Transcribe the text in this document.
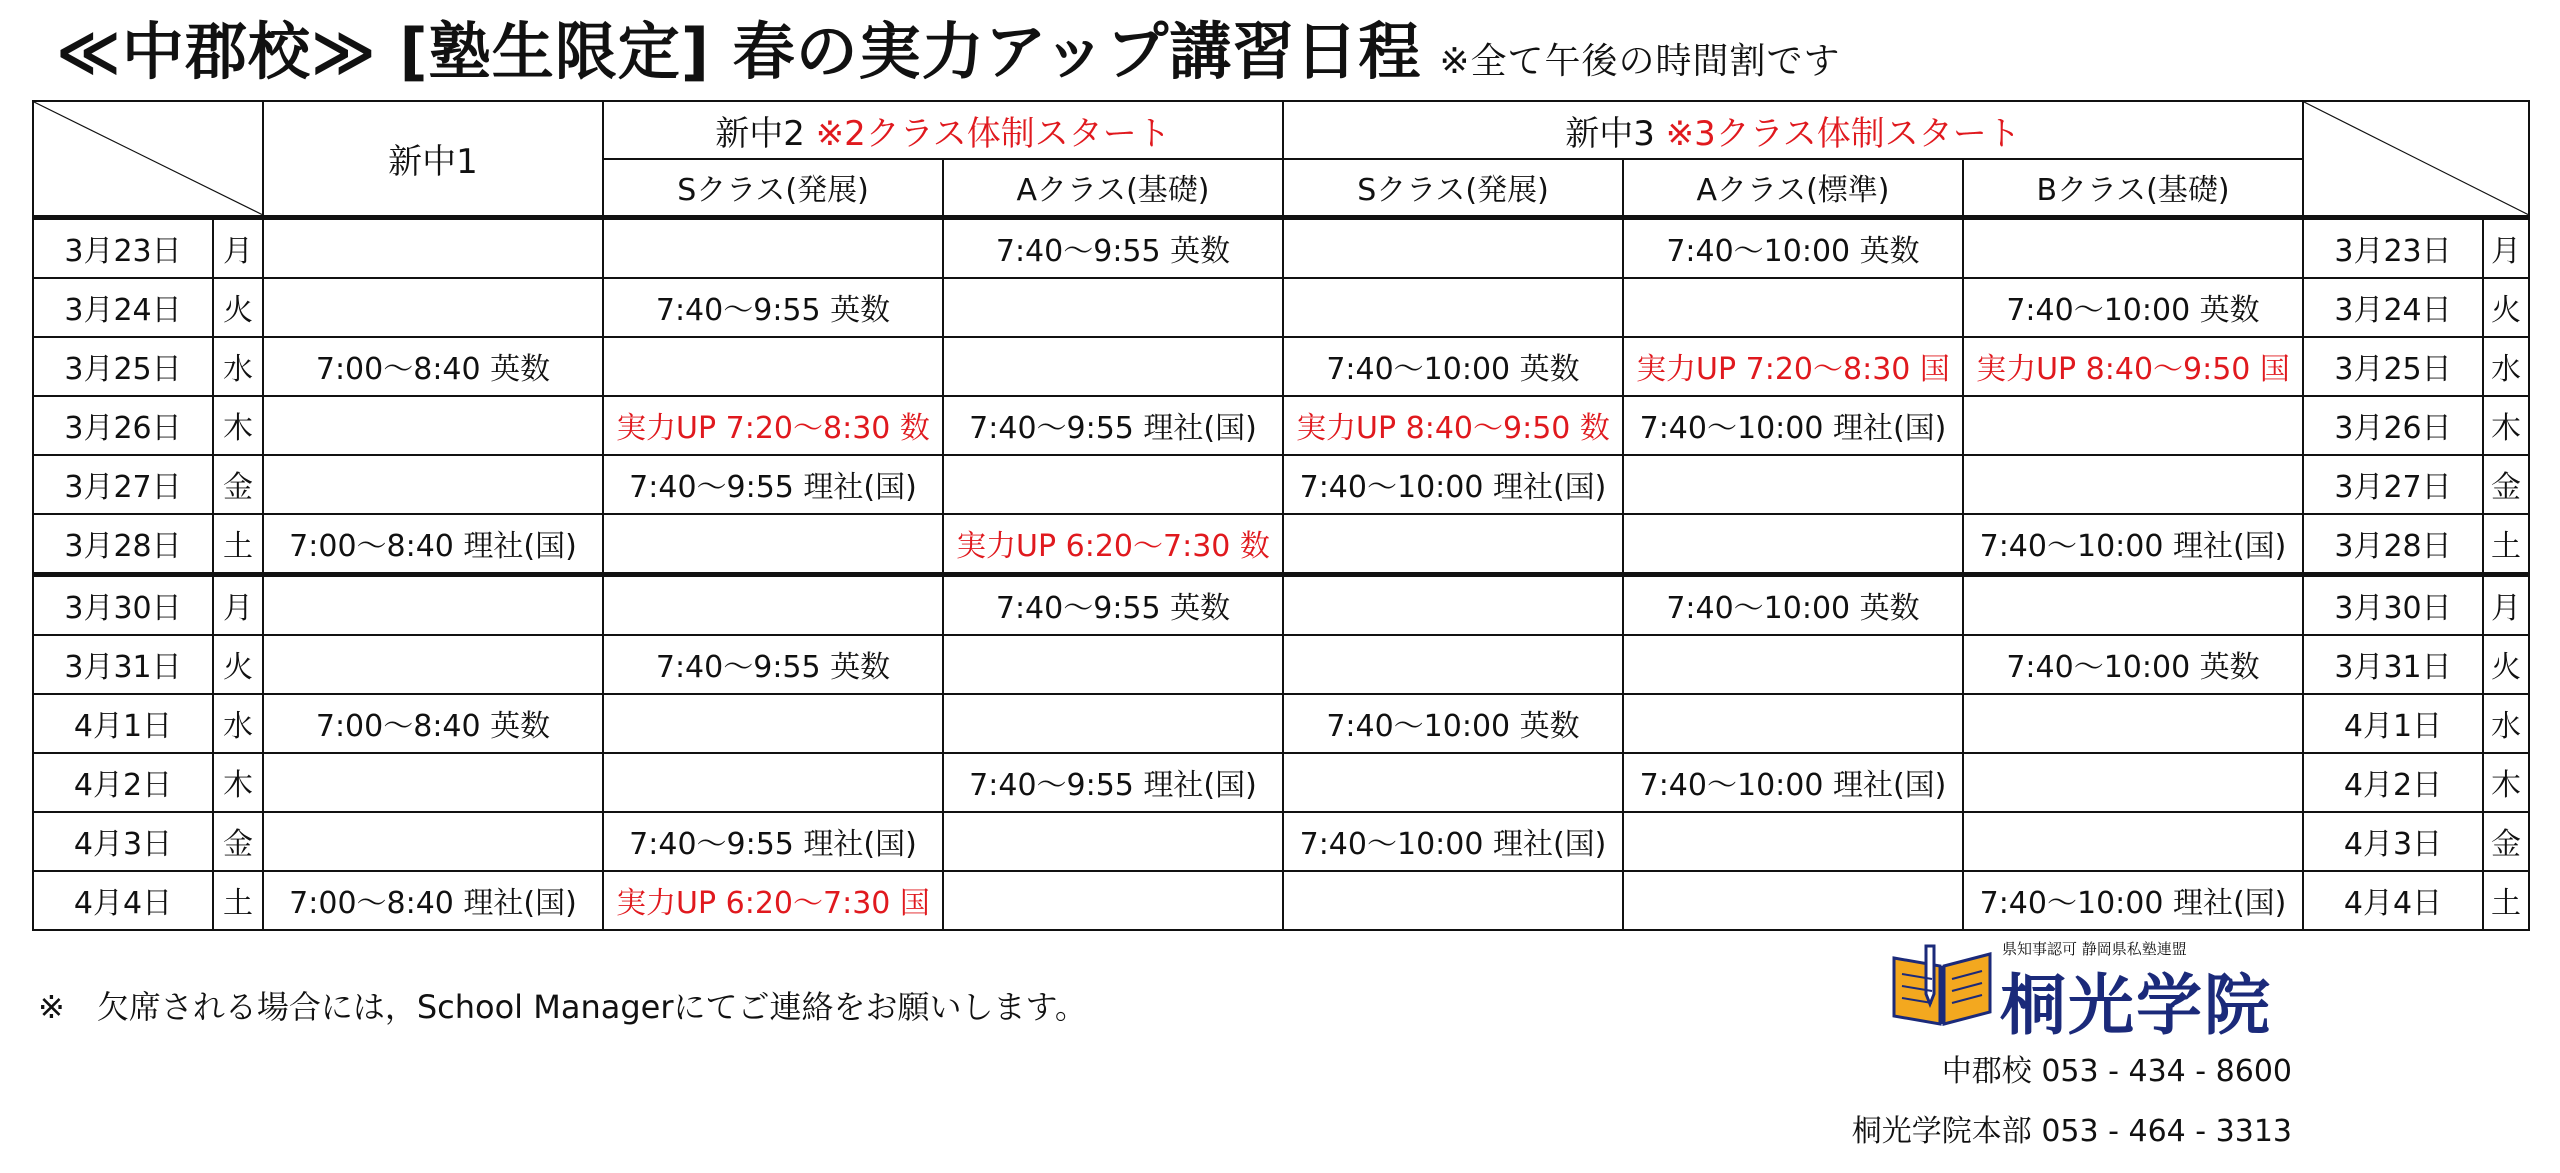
≪中郡校≫ [塾生限定] 春の実力アップ講習日程 ※全て午後の時間割です
	新中1	新中2 ※2クラス体制スタート		新中3 ※3クラス体制スタート	

			Sクラス(発展)	Aクラス(基礎)	Sクラス(発展)	Aクラス(標準)	Bクラス(基礎)		
3月23日	月			7:40～9:55 英数		7:40～10:00 英数		3月23日	月
3月24日	火		7:40～9:55 英数				7:40～10:00 英数	3月24日	火
3月25日	水	7:00～8:40 英数			7:40～10:00 英数	実力UP 7:20～8:30 国	実力UP 8:40～9:50 国	3月25日	水
3月26日	木		実力UP 7:20～8:30 数	7:40～9:55 理社(国)	実力UP 8:40～9:50 数	7:40～10:00 理社(国)		3月26日	木
3月27日	金		7:40～9:55 理社(国)		7:40～10:00 理社(国)			3月27日	金
3月28日	土	7:00～8:40 理社(国)		実力UP 6:20～7:30 数			7:40～10:00 理社(国)	3月28日	土
3月30日	月			7:40～9:55 英数		7:40～10:00 英数		3月30日	月
3月31日	火		7:40～9:55 英数				7:40～10:00 英数	3月31日	火
4月1日	水	7:00～8:40 英数			7:40～10:00 英数			4月1日	水
4月2日	木			7:40～9:55 理社(国)		7:40～10:00 理社(国)		4月2日	木
4月3日	金		7:40～9:55 理社(国)		7:40～10:00 理社(国)			4月3日	金
4月4日	土	7:00～8:40 理社(国)	実力UP 6:20～7:30 国				7:40～10:00 理社(国)	4月4日	土
※　欠席される場合には，School Managerにてご連絡をお願いします。
県知事認可 静岡県私塾連盟
桐光学院
中郡校 053 - 434 - 8600
桐光学院本部 053 - 464 - 3313
